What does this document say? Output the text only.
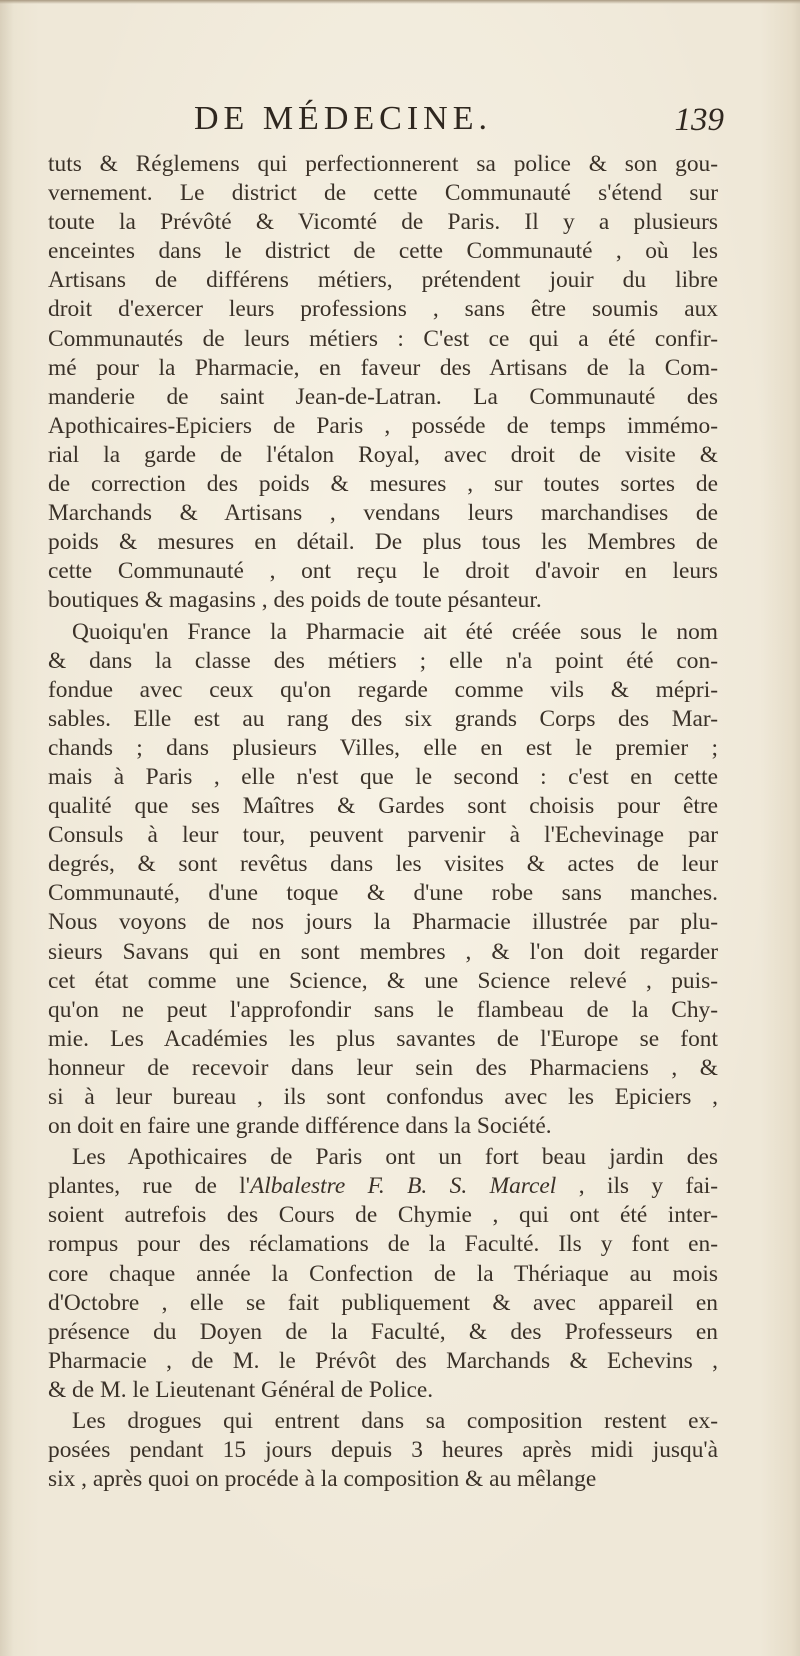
DE MÉDECINE.	139
tuts & Réglemens qui perfectionnerent sa police & son gou-
vernement. Le district de cette Communauté s'étend sur
toute la Prévôté & Vicomté de Paris. Il y a plusieurs
enceintes dans le district de cette Communauté , où les
Artisans de différens métiers, prétendent jouir du libre
droit d'exercer leurs professions , sans être soumis aux
Communautés de leurs métiers : C'est ce qui a été confir-
mé pour la Pharmacie, en faveur des Artisans de la Com-
manderie de saint Jean-de-Latran. La Communauté des
Apothicaires-Epiciers de Paris , posséde de temps immémo-
rial la garde de l'étalon Royal, avec droit de visite &
de correction des poids & mesures , sur toutes sortes de
Marchands & Artisans , vendans leurs marchandises de
poids & mesures en détail. De plus tous les Membres de
cette Communauté , ont reçu le droit d'avoir en leurs
boutiques & magasins , des poids de toute pésanteur.
Quoiqu'en France la Pharmacie ait été créée sous le nom
& dans la classe des métiers ; elle n'a point été con-
fondue avec ceux qu'on regarde comme vils & mépri-
sables. Elle est au rang des six grands Corps des Mar-
chands ; dans plusieurs Villes, elle en est le premier ;
mais à Paris , elle n'est que le second : c'est en cette
qualité que ses Maîtres & Gardes sont choisis pour être
Consuls à leur tour, peuvent parvenir à l'Echevinage par
degrés, & sont revêtus dans les visites & actes de leur
Communauté, d'une toque & d'une robe sans manches.
Nous voyons de nos jours la Pharmacie illustrée par plu-
sieurs Savans qui en sont membres , & l'on doit regarder
cet état comme une Science, & une Science relevé , puis-
qu'on ne peut l'approfondir sans le flambeau de la Chy-
mie. Les Académies les plus savantes de l'Europe se font
honneur de recevoir dans leur sein des Pharmaciens , &
si à leur bureau , ils sont confondus avec les Epiciers ,
on doit en faire une grande différence dans la Société.
Les Apothicaires de Paris ont un fort beau jardin des
plantes, rue de l'Albalestre F. B. S. Marcel , ils y fai-
soient autrefois des Cours de Chymie , qui ont été inter-
rompus pour des réclamations de la Faculté. Ils y font en-
core chaque année la Confection de la Thériaque au mois
d'Octobre , elle se fait publiquement & avec appareil en
présence du Doyen de la Faculté, & des Professeurs en
Pharmacie , de M. le Prévôt des Marchands & Echevins ,
& de M. le Lieutenant Général de Police.
Les drogues qui entrent dans sa composition restent ex-
posées pendant 15 jours depuis 3 heures après midi jusqu'à
six , après quoi on procéde à la composition & au mêlange
